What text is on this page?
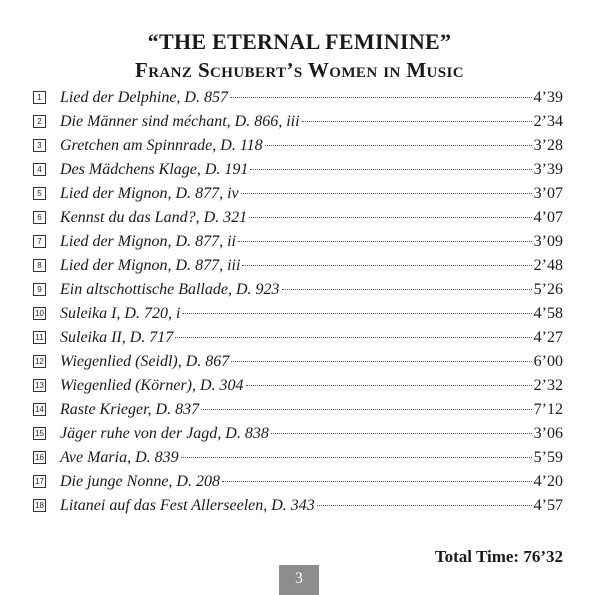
“THE ETERNAL FEMININE”
Franz Schubert’s Women in Music
1 Lied der Delphine, D. 857	4’39
2 Die Männer sind méchant, D. 866, iii	2’34
3 Gretchen am Spinnrade, D. 118	3’28
4 Des Mädchens Klage, D. 191	3’39
5 Lied der Mignon, D. 877, iv	3’07
6 Kennst du das Land?, D. 321	4’07
7 Lied der Mignon, D. 877, ii	3’09
8 Lied der Mignon, D. 877, iii	2’48
9 Ein altschottische Ballade, D. 923	5’26
10 Suleika I, D. 720, i	4’58
11 Suleika II, D. 717	4’27
12 Wiegenlied (Seidl), D. 867	6’00
13 Wiegenlied (Körner), D. 304	2’32
14 Raste Krieger, D. 837	7’12
15 Jäger ruhe von der Jagd, D. 838	3’06
16 Ave Maria, D. 839	5’59
17 Die junge Nonne, D. 208	4’20
18 Litanei auf das Fest Allerseelen, D. 343	4’57
Total Time: 76’32
3
